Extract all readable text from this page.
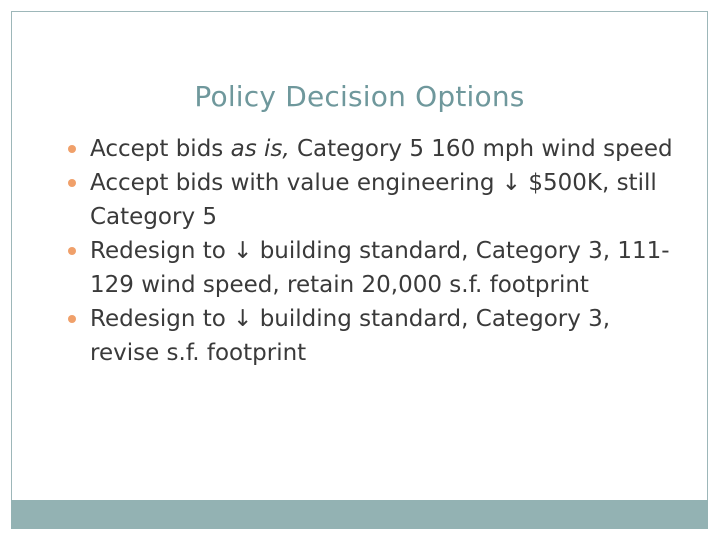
Policy Decision Options
Accept bids as is, Category 5 160 mph wind speed
Accept bids with value engineering ↓ $500K, still Category 5
Redesign to ↓ building standard, Category 3, 111-129 wind speed, retain 20,000 s.f. footprint
Redesign to ↓ building standard, Category 3, revise s.f. footprint
